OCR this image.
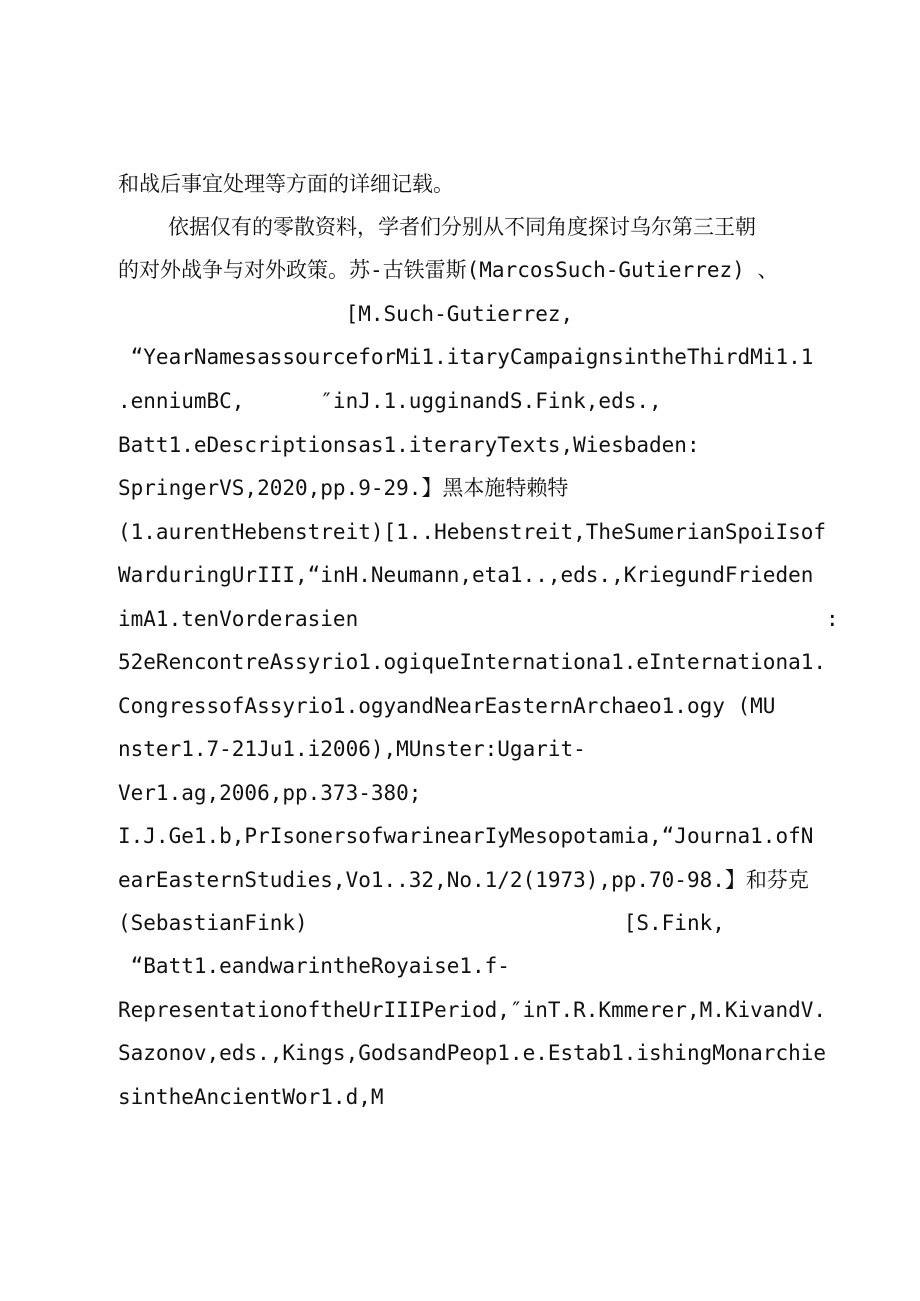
和战后事宜处理等方面的详细记载。
依据仅有的零散资料，学者们分别从不同角度探讨乌尔第三王朝
的对外战争与对外政策。苏-古铁雷斯(MarcosSuch-Gutierrez) 、
[M.Such-Gutierrez,
“YearNamesassourceforMi1.itaryCampaignsintheThirdMi1.1
.enniumBC,      ″inJ.1.ugginandS.Fink,eds.,
Batt1.eDescriptionsas1.iteraryTexts,Wiesbaden:
SpringerVS,2020,pp.9-29.】黑本施特赖特
(1.aurentHebenstreit)[1..Hebenstreit,TheSumerianSpoiIsof
WarduringUrIII,“inH.Neumann,eta1..,eds.,KriegundFrieden
imA1.tenVorderasien                                     :
52eRencontreAssyrio1.ogiqueInternationa1.eInternationa1.
CongressofAssyrio1.ogyandNearEasternArchaeo1.ogy (MU
nster1.7-21Ju1.i2006),MUnster:Ugarit-
Ver1.ag,2006,pp.373-380;
I.J.Ge1.b,PrIsonersofwarinearIyMesopotamia,“Journa1.ofN
earEasternStudies,Vo1..32,No.1/2(1973),pp.70-98.】和芬克
(SebastianFink)                         [S.Fink,
“Batt1.eandwarintheRoyaise1.f-
RepresentationoftheUrIIIPeriod,″inT.R.Kmmerer,M.KivandV.
Sazonov,eds.,Kings,GodsandPeop1.e.Estab1.ishingMonarchie
sintheAncientWor1.d,M
